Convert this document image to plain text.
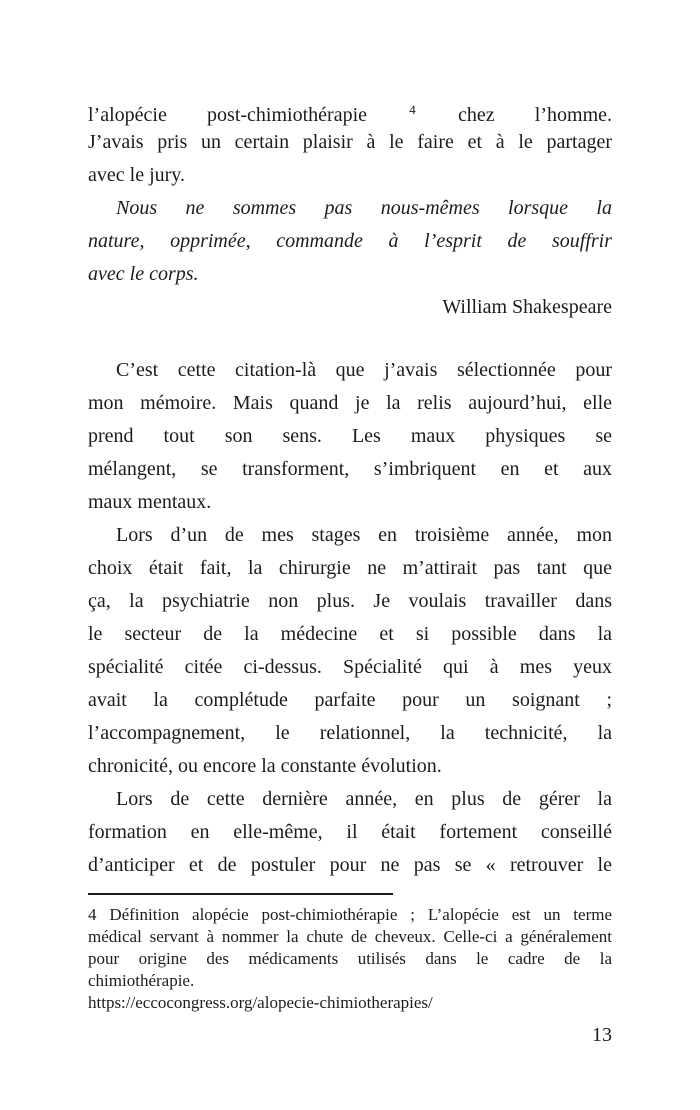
l’alopécie post-chimiothérapie	$^4$ chez l’homme.
J’avais pris un certain plaisir à le faire et à le partager
avec le jury.
Nous ne sommes pas nous-mêmes lorsque la
nature, opprimée, commande à l’esprit de souffrir
avec le corps.
William Shakespeare
C’est cette citation-là que j’avais sélectionnée pour
mon mémoire. Mais quand je la relis aujourd’hui, elle
prend tout son sens. Les maux physiques se
mélangent, se transforment, s’imbriquent en et aux
maux mentaux.
Lors d’un de mes stages en troisième année, mon
choix était fait, la chirurgie ne m’attirait pas tant que
ça, la psychiatrie non plus. Je voulais travailler dans
le secteur de la médecine et si possible dans la
spécialité citée ci-dessus. Spécialité qui à mes yeux
avait la complétude parfaite pour un soignant ;
l’accompagnement, le relationnel, la technicité, la
chronicité, ou encore la constante évolution.
Lors de cette dernière année, en plus de gérer la
formation en elle-même, il était fortement conseillé
d’anticiper et de postuler pour ne pas se « retrouver le
4 Définition alopécie post-chimiothérapie ; L’alopécie est un terme
médical servant à nommer la chute de cheveux. Celle-ci a généralement
pour origine des médicaments utilisés dans le cadre de la
chimiothérapie.
https://eccocongress.org/alopecie-chimiotherapies/
13
